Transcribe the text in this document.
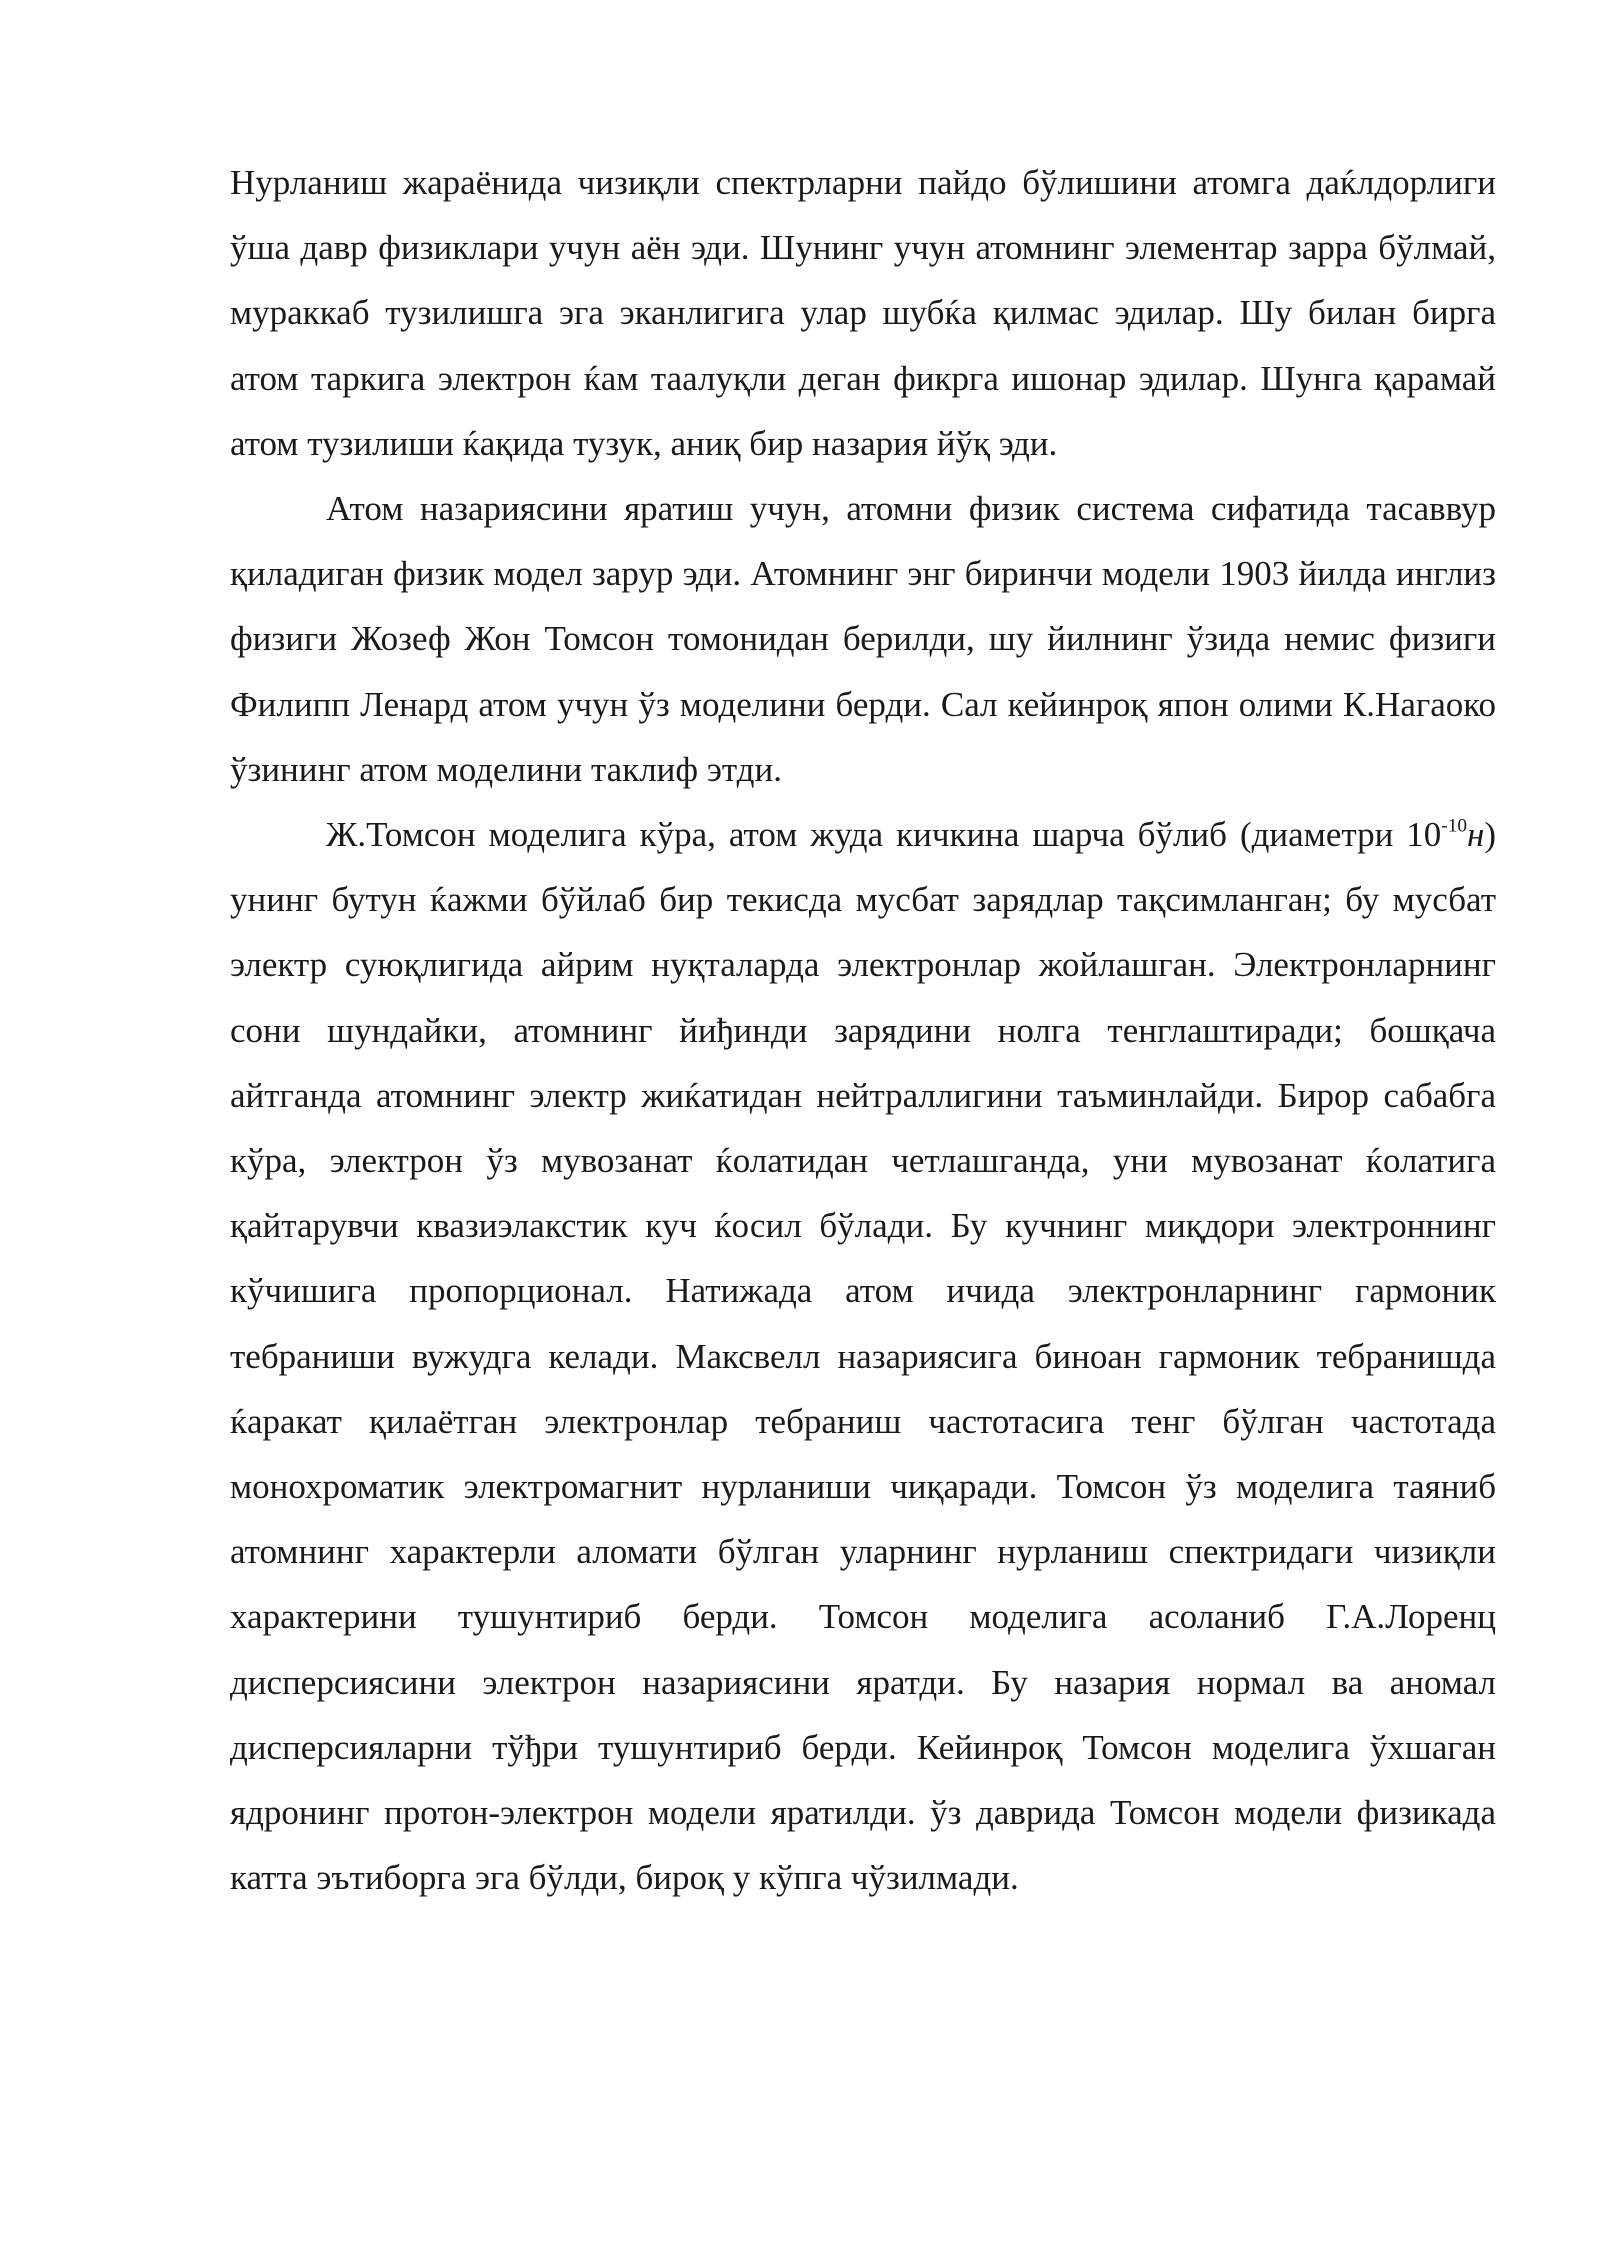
Нурланиш жараёнида чизиқли спектрларни пайдо бўлишини атомга даќлдорлиги ўша давр физиклари учун аён эди. Шунинг учун атомнинг элементар зарра бўлмай, мураккаб тузилишга эга эканлигига улар шубќа қилмас эдилар. Шу билан бирга атом таркига электрон ќам таалуқли деган фикрга ишонар эдилар. Шунга қарамай атом тузилиши ќақида тузук, аниқ бир назария йўқ эди.

Атом назариясини яратиш учун, атомни физик система сифатида тасаввур қиладиган физик модел зарур эди. Атомнинг энг биринчи модели 1903 йилда инглиз физиги Жозеф Жон Томсон томонидан берилди, шу йилнинг ўзида немис физиги Филипп Ленард атом учун ўз моделини берди. Сал кейинроқ япон олими К.Нагаоко ўзининг атом моделини таклиф этди.

Ж.Томсон моделига кўра, атом жуда кичкина шарча бўлиб (диаметри $10^{-10}н$) унинг бутун ќажми бўйлаб бир текисда мусбат зарядлар тақсимланган; бу мусбат электр суюқлигида айрим нуқталарда электронлар жойлашган. Электронларнинг сони шундайки, атомнинг йиђинди зарядини нолга тенглаштиради; бошқача айтганда атомнинг электр жиќатидан нейтраллигини таъминлайди. Бирор сабабга кўра, электрон ўз мувозанат ќолатидан четлашганда, уни мувозанат ќолатига қайтарувчи квазиэлакстик куч ќосил бўлади. Бу кучнинг миқдори электроннинг кўчишига пропорционал. Натижада атом ичида электронларнинг гармоник тебраниши вужудга келади. Максвелл назариясига биноан гармоник тебранишда ќаракат қилаётган электронлар тебраниш частотасига тенг бўлган частотада монохроматик электромагнит нурланиши чиқаради. Томсон ўз моделига таяниб атомнинг характерли аломати бўлган уларнинг нурланиш спектридаги чизиқли характерини тушунтириб берди. Томсон моделига асоланиб Г.А.Лоренц дисперсиясини электрон назариясини яратди. Бу назария нормал ва аномал дисперсияларни тўђри тушунтириб берди. Кейинроқ Томсон моделига ўхшаган ядронинг протон-электрон модели яратилди. ўз даврида Томсон модели физикада катта эътиборга эга бўлди, бироқ у кўпга чўзилмади.
